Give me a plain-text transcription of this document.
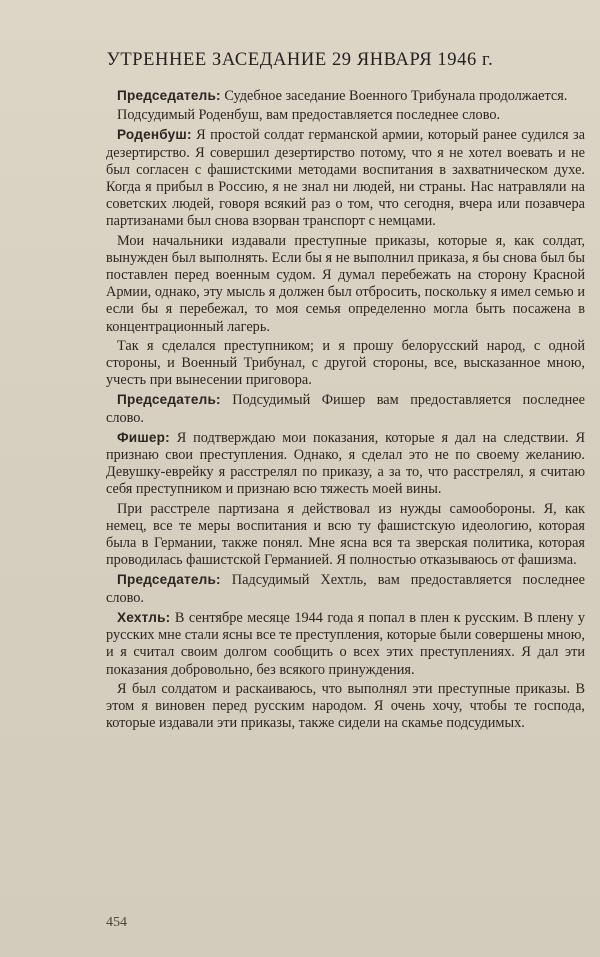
УТРЕННЕЕ ЗАСЕДАНИЕ 29 ЯНВАРЯ 1946 г.

Председатель: Судебное заседание Военного Трибунала продолжается.

Подсудимый Роденбуш, вам предоставляется последнее слово.

Роденбуш: Я простой солдат германской армии, который ранее судился за дезертирство. Я совершил дезертирство потому, что я не хотел воевать и не был согласен с фашистскими методами воспитания в захватническом духе. Когда я прибыл в Россию, я не знал ни людей, ни страны. Нас натравляли на советских людей, говоря всякий раз о том, что сегодня, вчера или позавчера партизанами был снова взорван транспорт с немцами.

Мои начальники издавали преступные приказы, которые я, как солдат, вынужден был выполнять. Если бы я не выполнил приказа, я бы снова был бы поставлен перед военным судом. Я думал перебежать на сторону Красной Армии, однако, эту мысль я должен был отбросить, поскольку я имел семью и если бы я перебежал, то моя семья определенно могла быть посажена в концентрационный лагерь.

Так я сделался преступником; и я прошу белорусский народ, с одной стороны, и Военный Трибунал, с другой стороны, все, высказанное мною, учесть при вынесении приговора.

Председатель: Подсудимый Фишер вам предоставляется последнее слово.

Фишер: Я подтверждаю мои показания, которые я дал на следствии. Я признаю свои преступления. Однако, я сделал это не по своему желанию. Девушку-еврейку я расстрелял по приказу, а за то, что расстрелял, я считаю себя преступником и признаю всю тяжесть моей вины.

При расстреле партизана я действовал из нужды самообороны. Я, как немец, все те меры воспитания и всю ту фашистскую идеологию, которая была в Германии, также понял. Мне ясна вся та зверская политика, которая проводилась фашистской Германией. Я полностью отказываюсь от фашизма.

Председатель: Падсудимый Хехтль, вам предоставляется последнее слово.

Хехтль: В сентябре месяце 1944 года я попал в плен к русским. В плену у русских мне стали ясны все те преступления, которые были совершены мною, и я считал своим долгом сообщить о всех этих преступлениях. Я дал эти показания добровольно, без всякого принуждения.

Я был солдатом и раскаиваюсь, что выполнял эти преступные приказы. В этом я виновен перед русским народом. Я очень хочу, чтобы те господа, которые издавали эти приказы, также сидели на скамье подсудимых.

454
